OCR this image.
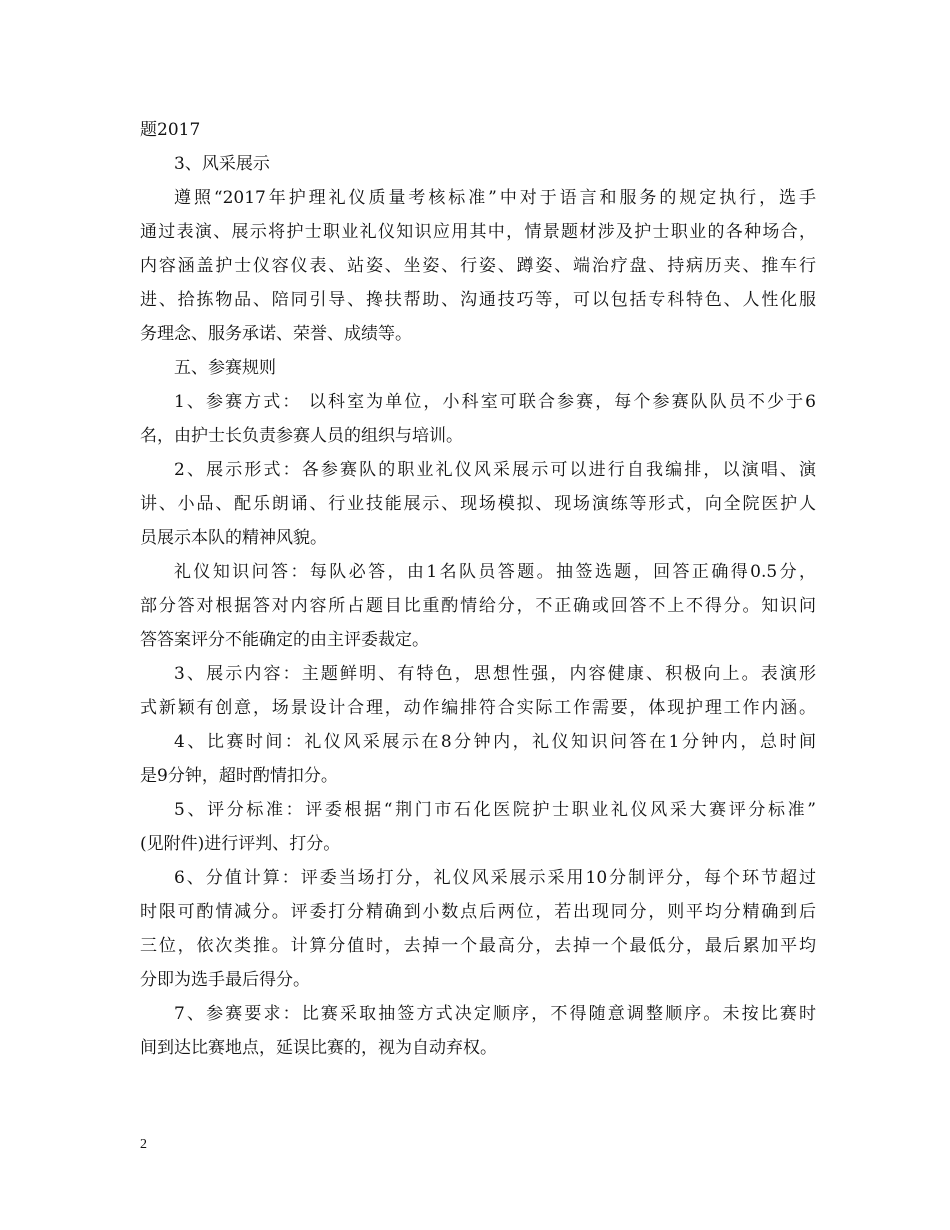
题2017

3、风采展示

遵照“2017年护理礼仪质量考核标准”中对于语言和服务的规定执行，选手

通过表演、展示将护士职业礼仪知识应用其中，情景题材涉及护士职业的各种场合，

内容涵盖护士仪容仪表、站姿、坐姿、行姿、蹲姿、端治疗盘、持病历夹、推车行

进、拾拣物品、陪同引导、搀扶帮助、沟通技巧等，可以包括专科特色、人性化服

务理念、服务承诺、荣誉、成绩等。

五、参赛规则

1、参赛方式： 以科室为单位，小科室可联合参赛，每个参赛队队员不少于6

名，由护士长负责参赛人员的组织与培训。

2、展示形式：各参赛队的职业礼仪风采展示可以进行自我编排，以演唱、演

讲、小品、配乐朗诵、行业技能展示、现场模拟、现场演练等形式，向全院医护人

员展示本队的精神风貌。

礼仪知识问答：每队必答，由1名队员答题。抽签选题，回答正确得0.5分，

部分答对根据答对内容所占题目比重酌情给分，不正确或回答不上不得分。知识问

答答案评分不能确定的由主评委裁定。

3、展示内容：主题鲜明、有特色，思想性强，内容健康、积极向上。表演形

式新颖有创意，场景设计合理，动作编排符合实际工作需要，体现护理工作内涵。

4、比赛时间：礼仪风采展示在8分钟内，礼仪知识问答在1分钟内，总时间

是9分钟，超时酌情扣分。

5、评分标准：评委根据“荆门市石化医院护士职业礼仪风采大赛评分标准”

(见附件)进行评判、打分。

6、分值计算：评委当场打分，礼仪风采展示采用10分制评分，每个环节超过

时限可酌情减分。评委打分精确到小数点后两位，若出现同分，则平均分精确到后

三位，依次类推。计算分值时，去掉一个最高分，去掉一个最低分，最后累加平均

分即为选手最后得分。

7、参赛要求：比赛采取抽签方式决定顺序，不得随意调整顺序。未按比赛时

间到达比赛地点，延误比赛的，视为自动弃权。

2
